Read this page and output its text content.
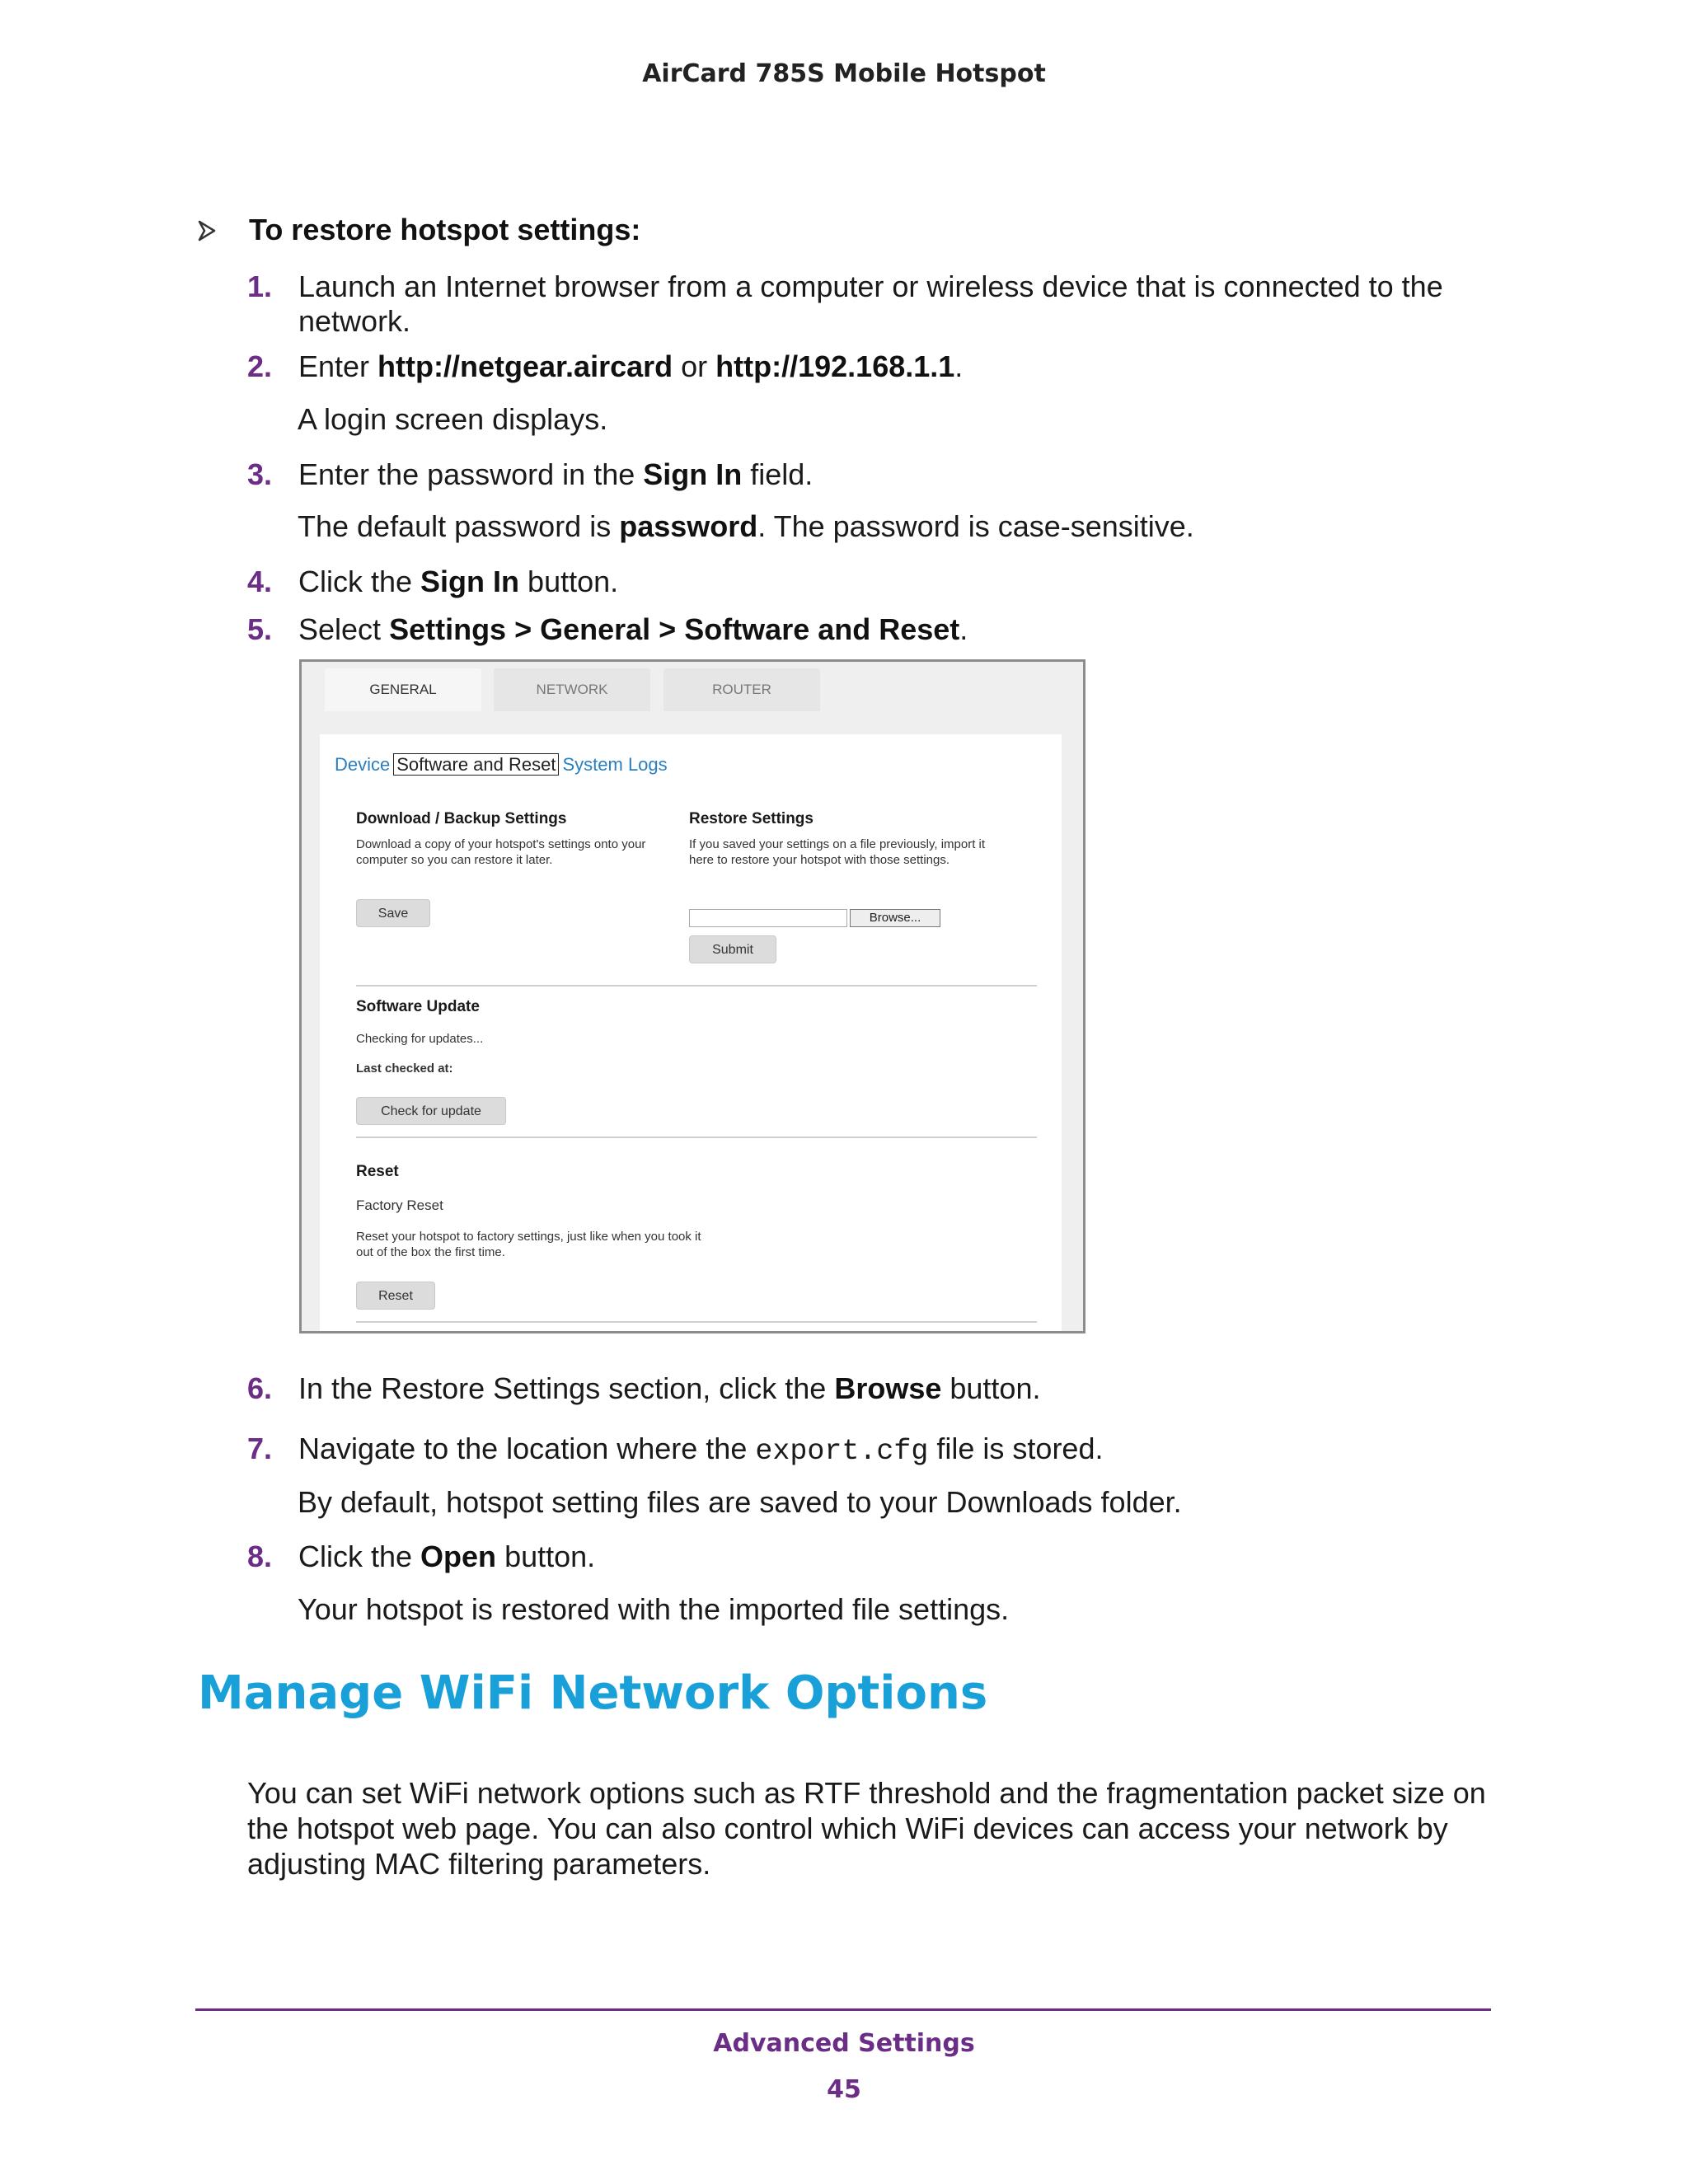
AirCard 785S Mobile Hotspot
To restore hotspot settings:
1. Launch an Internet browser from a computer or wireless device that is connected to the network.
2. Enter http://netgear.aircard or http://192.168.1.1.
A login screen displays.
3. Enter the password in the Sign In field.
The default password is password. The password is case-sensitive.
4. Click the Sign In button.
5. Select Settings > General > Software and Reset.
GENERAL	NETWORK	ROUTER
Device Software and Reset System Logs
Download / Backup Settings
Download a copy of your hotspot's settings onto your computer so you can restore it later.
Save
Restore Settings
If you saved your settings on a file previously, import it here to restore your hotspot with those settings.
Browse...
Submit
Software Update
Checking for updates...
Last checked at:
Check for update
Reset
Factory Reset
Reset your hotspot to factory settings, just like when you took it out of the box the first time.
Reset
6. In the Restore Settings section, click the Browse button.
7. Navigate to the location where the export.cfg file is stored.
By default, hotspot setting files are saved to your Downloads folder.
8. Click the Open button.
Your hotspot is restored with the imported file settings.
Manage WiFi Network Options
You can set WiFi network options such as RTF threshold and the fragmentation packet size on the hotspot web page. You can also control which WiFi devices can access your network by adjusting MAC filtering parameters.
Advanced Settings
45
